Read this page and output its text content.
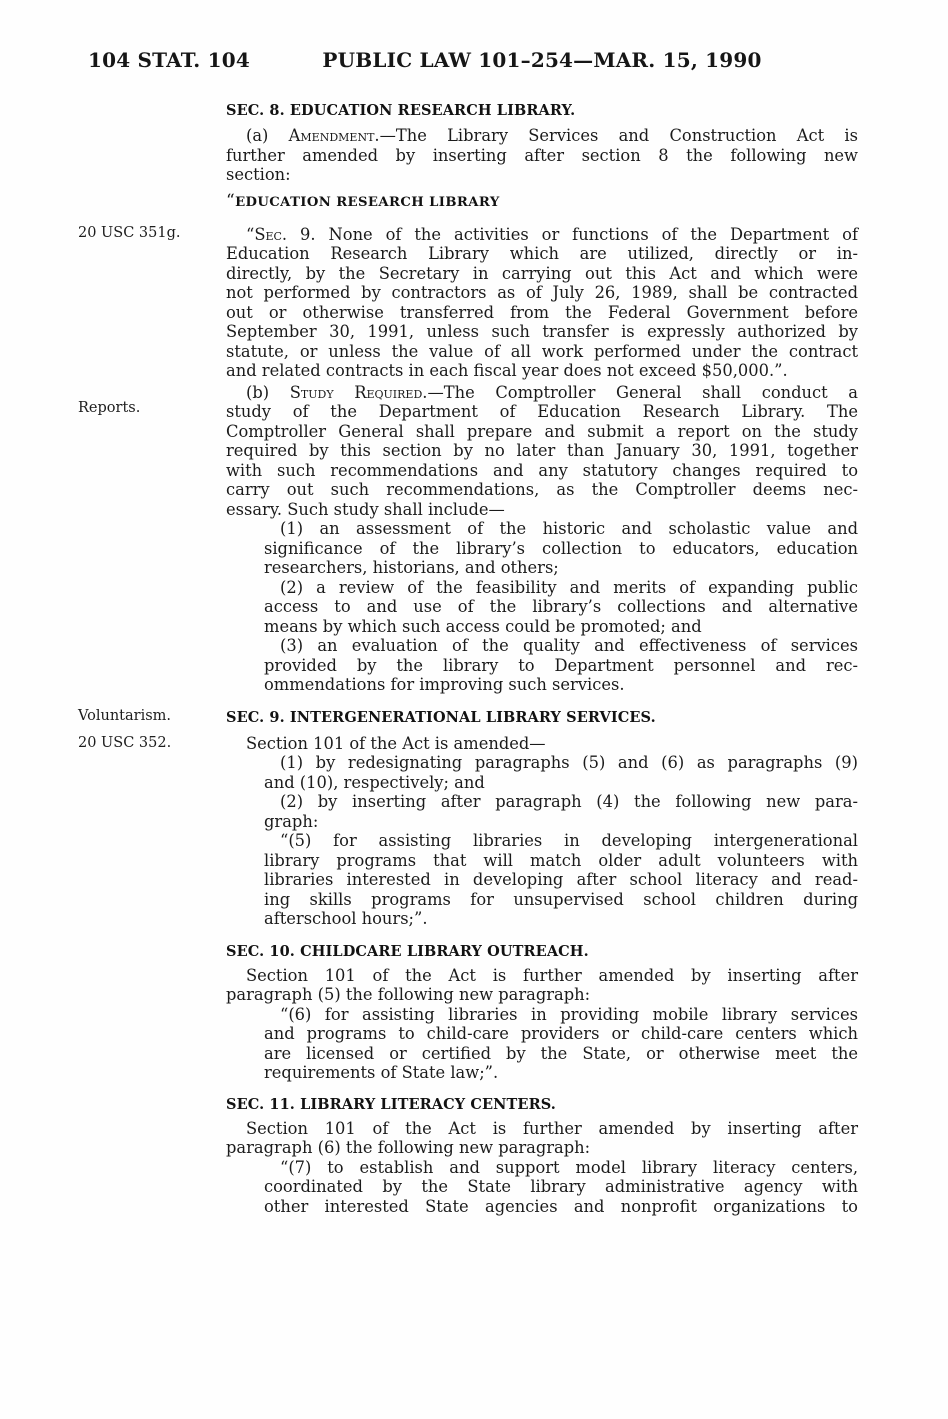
104 STAT. 104	PUBLIC LAW 101–254—MAR. 15, 1990
20 USC 351g.
Reports.
Voluntarism.
20 USC 352.
SEC. 8. EDUCATION RESEARCH LIBRARY.
(a) Amendment.—The Library Services and Construction Act is
further amended by inserting after section 8 the following new
section:
“EDUCATION RESEARCH LIBRARY
“Sec. 9. None of the activities or functions of the Department of
Education Research Library which are utilized, directly or in-
directly, by the Secretary in carrying out this Act and which were
not performed by contractors as of July 26, 1989, shall be contracted
out or otherwise transferred from the Federal Government before
September 30, 1991, unless such transfer is expressly authorized by
statute, or unless the value of all work performed under the contract
and related contracts in each fiscal year does not exceed $50,000.”.
(b) Study Required.—The Comptroller General shall conduct a
study of the Department of Education Research Library. The
Comptroller General shall prepare and submit a report on the study
required by this section by no later than January 30, 1991, together
with such recommendations and any statutory changes required to
carry out such recommendations, as the Comptroller deems nec-
essary. Such study shall include—
(1) an assessment of the historic and scholastic value and
significance of the library’s collection to educators, education
researchers, historians, and others;
(2) a review of the feasibility and merits of expanding public
access to and use of the library’s collections and alternative
means by which such access could be promoted; and
(3) an evaluation of the quality and effectiveness of services
provided by the library to Department personnel and rec-
ommendations for improving such services.
SEC. 9. INTERGENERATIONAL LIBRARY SERVICES.
Section 101 of the Act is amended—
(1) by redesignating paragraphs (5) and (6) as paragraphs (9)
and (10), respectively; and
(2) by inserting after paragraph (4) the following new para-
graph:
“(5) for assisting libraries in developing intergenerational
library programs that will match older adult volunteers with
libraries interested in developing after school literacy and read-
ing skills programs for unsupervised school children during
afterschool hours;”.
SEC. 10. CHILDCARE LIBRARY OUTREACH.
Section 101 of the Act is further amended by inserting after
paragraph (5) the following new paragraph:
“(6) for assisting libraries in providing mobile library services
and programs to child-care providers or child-care centers which
are licensed or certified by the State, or otherwise meet the
requirements of State law;”.
SEC. 11. LIBRARY LITERACY CENTERS.
Section 101 of the Act is further amended by inserting after
paragraph (6) the following new paragraph:
“(7) to establish and support model library literacy centers,
coordinated by the State library administrative agency with
other interested State agencies and nonprofit organizations to
